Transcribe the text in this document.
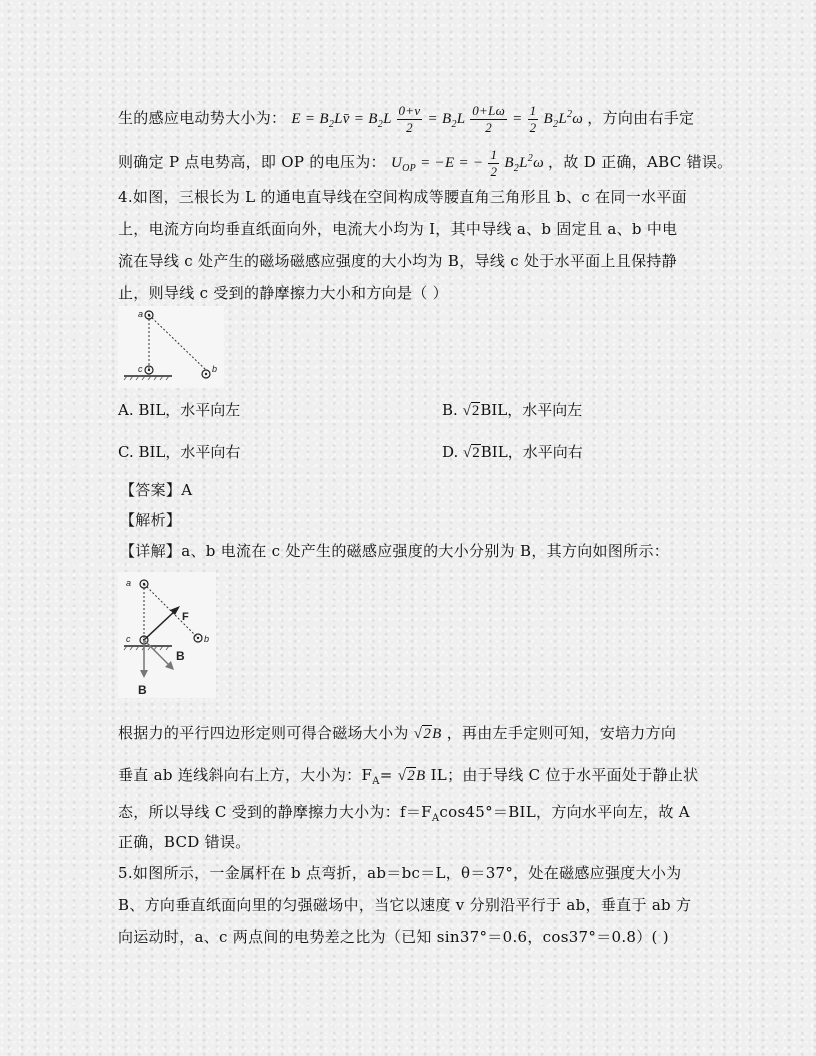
生的感应电动势大小为： $E = B_2Lv̄ = B_2L \frac{0+v}{2} = B_2L \frac{0+L\omega}{2} = \frac{1}{2} B_2L^2\omega$ ，方向由右手定
则确定 P 点电势高，即 OP 的电压为： $U_{OP} = -E$ = − $\frac{1}{2} B_2L^2\omega$ ，故 D 正确，ABC 错误。
4.如图，三根长为 L 的通电直导线在空间构成等腰直角三角形且 b、c 在同一水平面
上，电流方向均垂直纸面向外，电流大小均为 I，其中导线 a、b 固定且 a、b 中电
流在导线 c 处产生的磁场磁感应强度的大小均为 B，导线 c 处于水平面上且保持静
止，则导线 c 受到的静摩擦力大小和方向是（ ）
a
c	b
A. BIL，水平向左	B. √2BIL，水平向左
C. BIL，水平向右	D. √2BIL，水平向右
【答案】A
【解析】
【详解】a、b 电流在 c 处产生的磁感应强度的大小分别为 B，其方向如图所示：
a
c	b
F
B
B
根据力的平行四边形定则可得合磁场大小为 √2B ，再由左手定则可知，安培力方向
垂直 ab 连线斜向右上方，大小为：$F_A= √2B$ IL；由于导线 C 位于水平面处于静止状
态，所以导线 C 受到的静摩擦力大小为：$f=F_A\cos 45^\circ=BIL$，方向水平向左，故 A
正确，BCD 错误。
5.如图所示，一金属杆在 b 点弯折，ab＝bc＝L，θ＝37°，处在磁感应强度大小为
B、方向垂直纸面向里的匀强磁场中，当它以速度 v 分别沿平行于 ab，垂直于 ab 方
向运动时，a、c 两点间的电势差之比为（已知 sin37°＝0.6，cos37°＝0.8）( )
